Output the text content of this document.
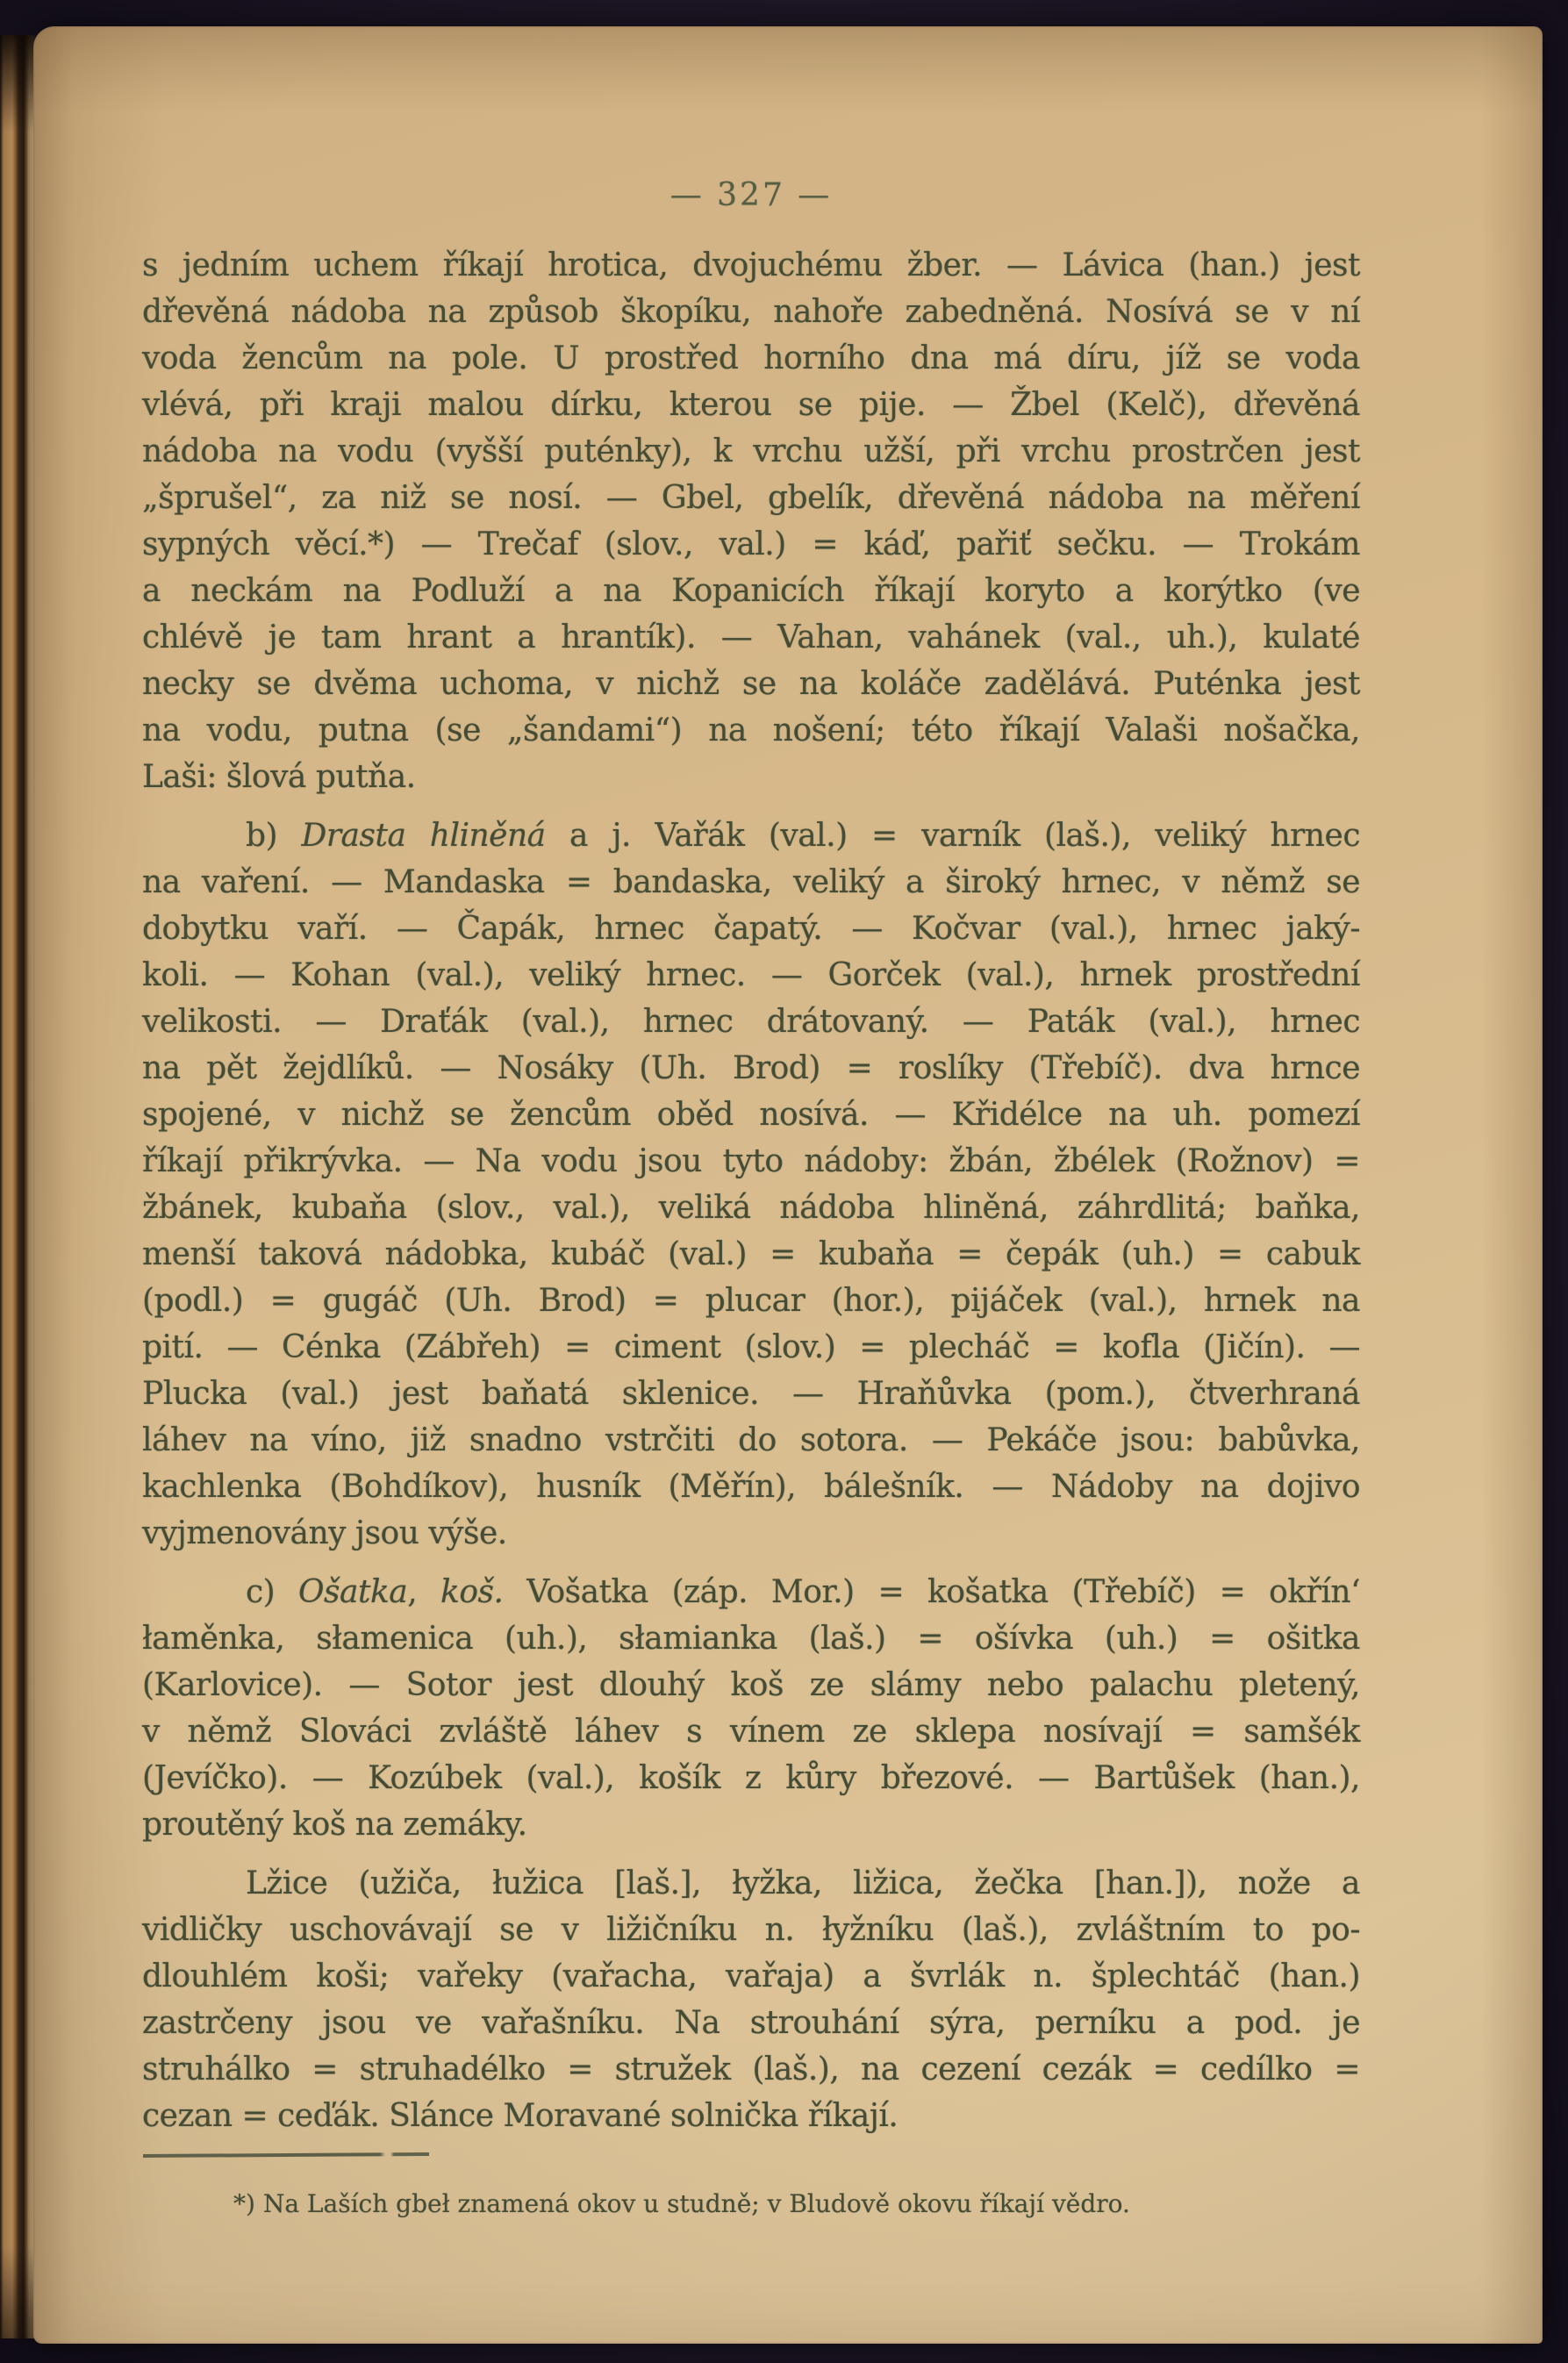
— 327 —
s jedním uchem říkají hrotica, dvojuchému žber. — Lávica (han.) jest
dřevěná nádoba na způsob škopíku, nahoře zabedněná. Nosívá se v ní
voda žencům na pole. U prostřed horního dna má díru, jíž se voda
vlévá, při kraji malou dírku, kterou se pije. — Žbel (Kelč), dřevěná
nádoba na vodu (vyšší puténky), k vrchu užší, při vrchu prostrčen jest
„šprušel“, za niž se nosí. — Gbel, gbelík, dřevěná nádoba na měření
sypných věcí.*) — Trečaf (slov., val.) = káď, pařiť sečku. — Trokám
a neckám na Podluží a na Kopanicích říkají koryto a korýtko (ve
chlévě je tam hrant a hrantík). — Vahan, vahánek (val., uh.), kulaté
necky se dvěma uchoma, v nichž se na koláče zadělává. Puténka jest
na vodu, putna (se „šandami“) na nošení; této říkají Valaši nošačka,
Laši: šlová putňa.
b) Drasta hliněná a j. Vařák (val.) = varník (laš.), veliký hrnec
na vaření. — Mandaska = bandaska, veliký a široký hrnec, v němž se
dobytku vaří. — Čapák, hrnec čapatý. — Kočvar (val.), hrnec jaký-
koli. — Kohan (val.), veliký hrnec. — Gorček (val.), hrnek prostřední
velikosti. — Draťák (val.), hrnec drátovaný. — Paták (val.), hrnec
na pět žejdlíků. — Nosáky (Uh. Brod) = roslíky (Třebíč). dva hrnce
spojené, v nichž se žencům oběd nosívá. — Křidélce na uh. pomezí
říkají přikrývka. — Na vodu jsou tyto nádoby: žbán, žbélek (Rožnov) =
žbánek, kubaňa (slov., val.), veliká nádoba hliněná, záhrdlitá; baňka,
menší taková nádobka, kubáč (val.) = kubaňa = čepák (uh.) = cabuk
(podl.) = gugáč (Uh. Brod) = plucar (hor.), pijáček (val.), hrnek na
pití. — Cénka (Zábřeh) = ciment (slov.) = plecháč = kofla (Jičín). —
Plucka (val.) jest baňatá sklenice. — Hraňůvka (pom.), čtverhraná
láhev na víno, již snadno vstrčiti do sotora. — Pekáče jsou: babůvka,
kachlenka (Bohdíkov), husník (Měřín), bálešník. — Nádoby na dojivo
vyjmenovány jsou výše.
c) Ošatka, koš. Vošatka (záp. Mor.) = košatka (Třebíč) = okřín‘
łaměnka, słamenica (uh.), słamianka (laš.) = ošívka (uh.) = ošitka
(Karlovice). — Sotor jest dlouhý koš ze slámy nebo palachu pletený,
v němž Slováci zvláště láhev s vínem ze sklepa nosívají = samšék
(Jevíčko). — Kozúbek (val.), košík z kůry březové. — Bartůšek (han.),
proutěný koš na zemáky.
Lžice (užiča, łužica [laš.], łyžka, ližica, žečka [han.]), nože a
vidličky uschovávají se v ližičníku n. łyžníku (laš.), zvláštním to po-
dlouhlém koši; vařeky (vařacha, vařaja) a švrlák n. šplechtáč (han.)
zastrčeny jsou ve vařašníku. Na strouhání sýra, perníku a pod. je
struhálko = struhadélko = stružek (laš.), na cezení cezák = cedílko =
cezan = ceďák. Slánce Moravané solnička říkají.
*) Na Laších gbeł znamená okov u studně; v Bludově okovu říkají vědro.
